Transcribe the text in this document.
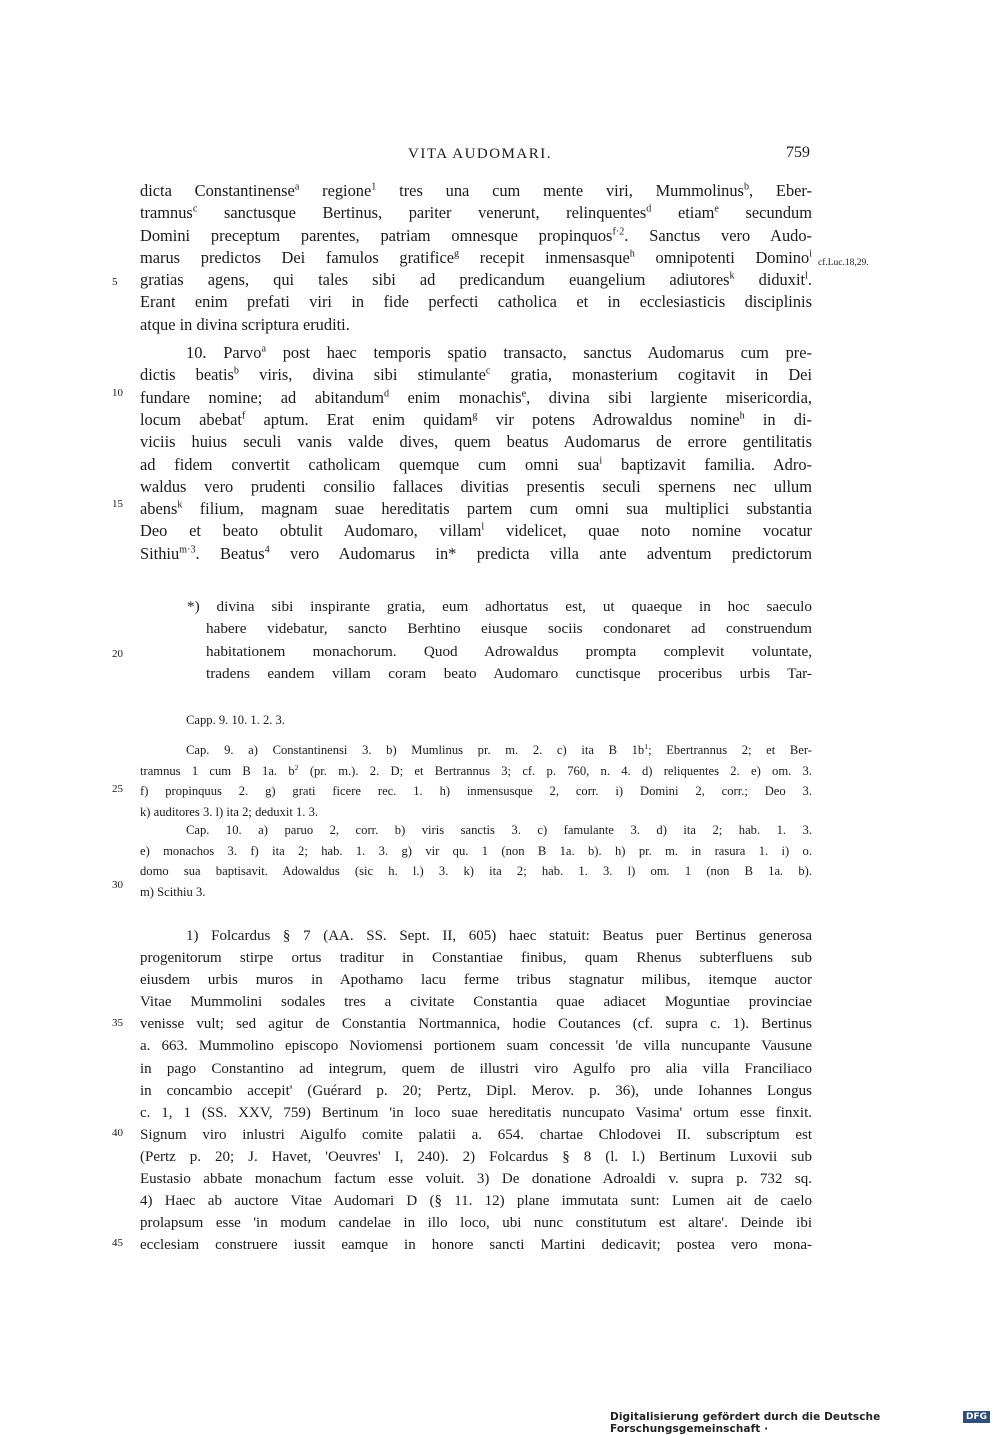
VITA AUDOMARI.	759
cf.Luc.18,29.
5
10
15
20
25
30
35
40
45

dicta Constantinense$^a$ regione$^1$ tres una cum mente viri, Mummolinus$^b$, Eber-

tramnus$^c$ sanctusque Bertinus, pariter venerunt, relinquentes$^d$ etiam$^e$ secundum

Domini preceptum parentes, patriam omnesque propinquos$^{f\cdot 2}$. Sanctus vero Audo-

marus predictos Dei famulos gratifice$^g$ recepit inmensasque$^h$ omnipotenti Domino$^i$

gratias agens, qui tales sibi ad predicandum euangelium adiutores$^k$ diduxit$^l$.

Erant enim prefati viri in fide perfecti catholica et in ecclesiasticis disciplinis

atque in divina scriptura eruditi.

10. Parvo$^a$ post haec temporis spatio transacto, sanctus Audomarus cum pre-

dictis beatis$^b$ viris, divina sibi stimulante$^c$ gratia, monasterium cogitavit in Dei

fundare nomine; ad abitandum$^d$ enim monachis$^e$, divina sibi largiente misericordia,

locum abebat$^f$ aptum. Erat enim quidam$^g$ vir potens Adrowaldus nomine$^h$ in di-

viciis huius seculi vanis valde dives, quem beatus Audomarus de errore gentilitatis

ad fidem convertit catholicam quemque cum omni sua$^i$ baptizavit familia. Adro-

waldus vero prudenti consilio fallaces divitias presentis seculi spernens nec ullum

abens$^k$ filium, magnam suae hereditatis partem cum omni sua multiplici substantia

Deo et beato obtulit Audomaro, villam$^l$ videlicet, quae noto nomine vocatur

Sithiu$^{m\cdot 3}$. Beatus$^4$ vero Audomarus in* predicta villa ante adventum predictorum

*) divina sibi inspirante gratia, eum adhortatus est, ut quaeque in hoc saeculo

habere videbatur, sancto Berhtino eiusque sociis condonaret ad construendum

habitationem monachorum. Quod Adrowaldus prompta complevit voluntate,

tradens eandem villam coram beato Audomaro cunctisque proceribus urbis Tar-

Capp. 9. 10. 1. 2. 3.

Cap. 9. a) Constantinensi 3. b) Mumlinus pr. m. 2. c) ita B $1b^1$; Ebertrannus 2; et Ber-

tramnus 1 cum B 1a. $b^2$ (pr. m.). 2. D; et Bertrannus 3; cf. p. 760, n. 4. d) reliquentes 2. e) om. 3.

f) propinquus 2. g) grati ficere rec. 1. h) inmensusque 2, corr. i) Domini 2, corr.; Deo 3.

k) auditores 3. l) ita 2; deduxit 1. 3.

Cap. 10. a) paruo 2, corr. b) viris sanctis 3. c) famulante 3. d) ita 2; hab. 1. 3.

e) monachos 3. f) ita 2; hab. 1. 3. g) vir qu. 1 (non B 1a. b). h) pr. m. in rasura 1. i) o.

domo sua baptisavit. Adowaldus (sic h. l.) 3. k) ita 2; hab. 1. 3. l) om. 1 (non B 1a. b).

m) Scithiu 3.

1) Folcardus § 7 (AA. SS. Sept. II, 605) haec statuit: Beatus puer Bertinus generosa

progenitorum stirpe ortus traditur in Constantiae finibus, quam Rhenus subterfluens sub

eiusdem urbis muros in Apothamo lacu ferme tribus stagnatur milibus, itemque auctor

Vitae Mummolini sodales tres a civitate Constantia quae adiacet Moguntiae provinciae

venisse vult; sed agitur de Constantia Nortmannica, hodie Coutances (cf. supra c. 1). Bertinus

a. 663. Mummolino episcopo Noviomensi portionem suam concessit 'de villa nuncupante Vausune

in pago Constantino ad integrum, quem de illustri viro Agulfo pro alia villa Franciliaco

in concambio accepit' (Guérard p. 20; Pertz, Dipl. Merov. p. 36), unde Iohannes Longus

c. 1, 1 (SS. XXV, 759) Bertinum 'in loco suae hereditatis nuncupato Vasima' ortum esse finxit.

Signum viro inlustri Aigulfo comite palatii a. 654. chartae Chlodovei II. subscriptum est

(Pertz p. 20; J. Havet, 'Oeuvres' I, 240). 2) Folcardus § 8 (l. l.) Bertinum Luxovii sub

Eustasio abbate monachum factum esse voluit. 3) De donatione Adroaldi v. supra p. 732 sq.

4) Haec ab auctore Vitae Audomari D (§ 11. 12) plane immutata sunt: Lumen ait de caelo

prolapsum esse 'in modum candelae in illo loco, ubi nunc constitutum est altare'. Deinde ibi

ecclesiam construere iussit eamque in honore sancti Martini dedicavit; postea vero mona-

Digitalisierung gefördert durch die Deutsche Forschungsgemeinschaft ·
DFG
